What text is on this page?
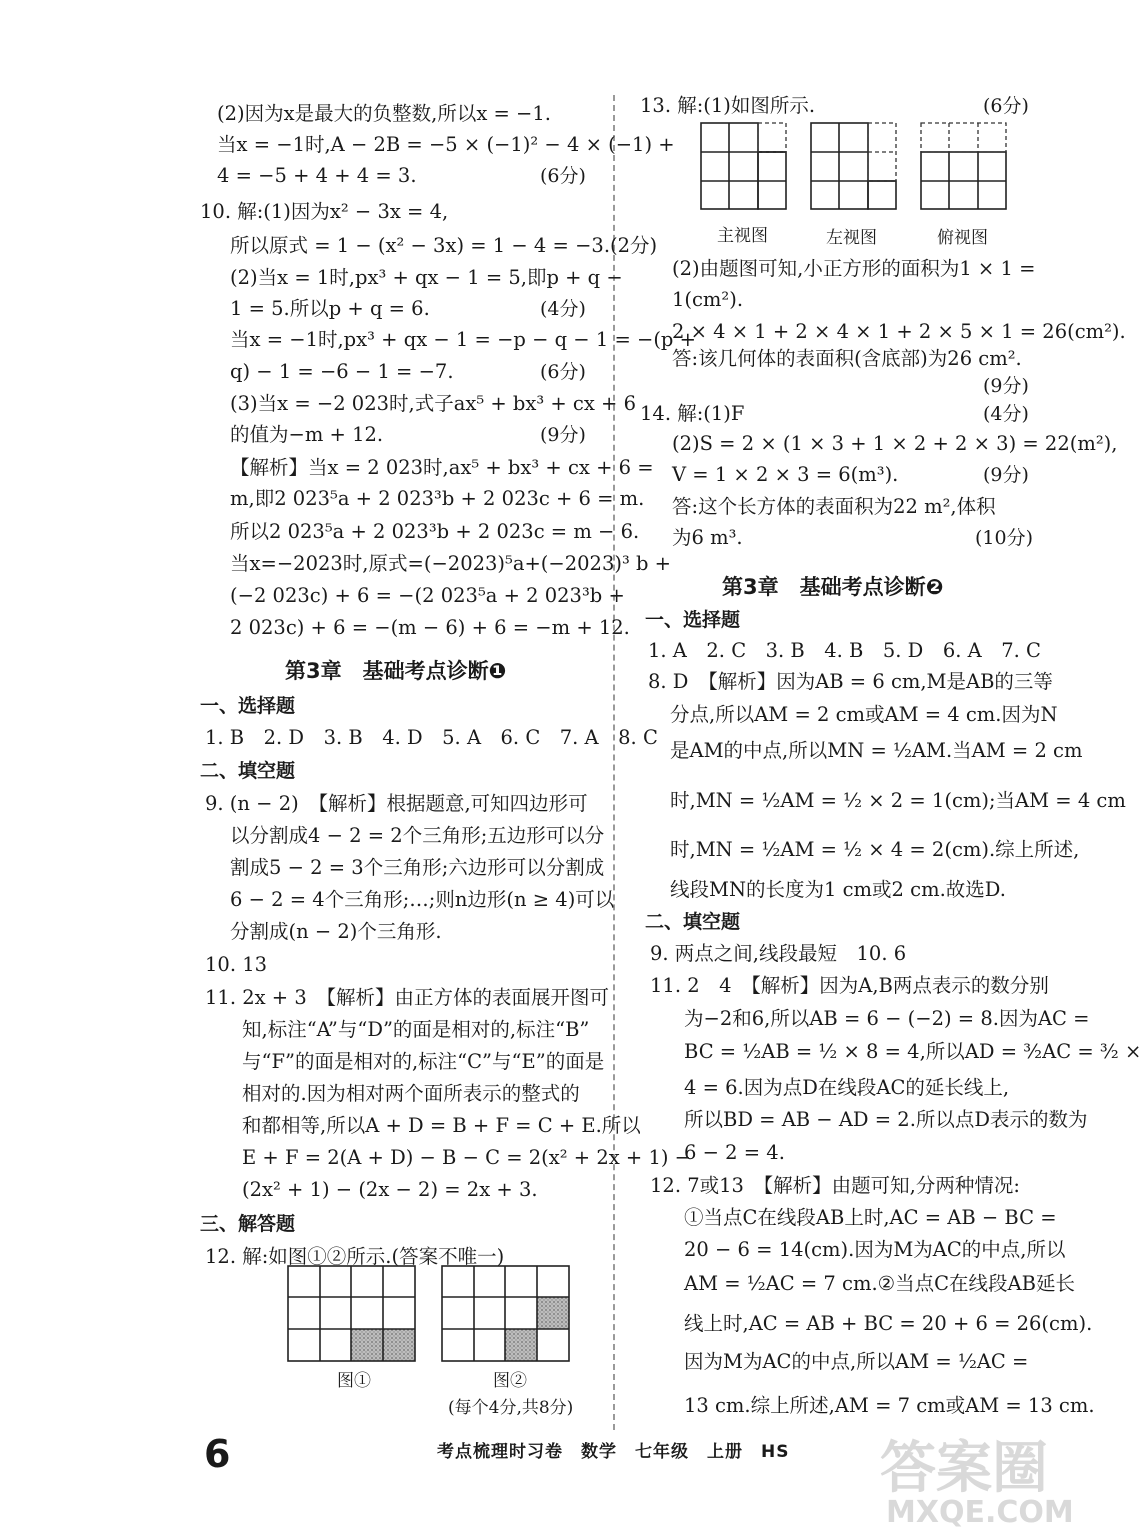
(2)因为x是最大的负整数,所以x = −1.
当x = −1时,A − 2B = −5 × (−1)² − 4 × (−1) +
4 = −5 + 4 + 4 = 3.	(6分)
10. 解:(1)因为x² − 3x = 4,
所以原式 = 1 − (x² − 3x) = 1 − 4 = −3.(2分)
(2)当x = 1时,px³ + qx − 1 = 5,即p + q −
1 = 5.所以p + q = 6.	(4分)
当x = −1时,px³ + qx − 1 = −p − q − 1 = −(p +
q) − 1 = −6 − 1 = −7.	(6分)
(3)当x = −2 023时,式子ax⁵ + bx³ + cx + 6
的值为−m + 12.	(9分)
【解析】当x = 2 023时,ax⁵ + bx³ + cx + 6 =
m,即2 023⁵a + 2 023³b + 2 023c + 6 = m.
所以2 023⁵a + 2 023³b + 2 023c = m − 6.
当x=−2023时,原式=(−2023)⁵a+(−2023)³ b +
(−2 023c) + 6 = −(2 023⁵a + 2 023³b +
2 023c) + 6 = −(m − 6) + 6 = −m + 12.
第3章　基础考点诊断❶
一、选择题
1. B　2. D　3. B　4. D　5. A　6. C　7. A　8. C
二、填空题
9. (n − 2)　【解析】根据题意,可知四边形可
以分割成4 − 2 = 2个三角形;五边形可以分
割成5 − 2 = 3个三角形;六边形可以分割成
6 − 2 = 4个三角形;…;则n边形(n ≥ 4)可以
分割成(n − 2)个三角形.
10. 13
11. 2x + 3　【解析】由正方体的表面展开图可
知,标注“A”与“D”的面是相对的,标注“B”
与“F”的面是相对的,标注“C”与“E”的面是
相对的.因为相对两个面所表示的整式的
和都相等,所以A + D = B + F = C + E.所以
E + F = 2(A + D) − B − C = 2(x² + 2x + 1) −
(2x² + 1) − (2x − 2) = 2x + 3.
三、解答题
12. 解:如图①②所示.(答案不唯一)
图①	图②
(每个4分,共8分)
13. 解:(1)如图所示.	(6分)
主视图	左视图	俯视图
(2)由题图可知,小正方形的面积为1 × 1 =
1(cm²).
2 × 4 × 1 + 2 × 4 × 1 + 2 × 5 × 1 = 26(cm²).
答:该几何体的表面积(含底部)为26 cm².
(9分)
14. 解:(1)F	(4分)
(2)S = 2 × (1 × 3 + 1 × 2 + 2 × 3) = 22(m²),
V = 1 × 2 × 3 = 6(m³).	(9分)
答:这个长方体的表面积为22 m²,体积
为6 m³.	(10分)
第3章　基础考点诊断❷
一、选择题
1. A　2. C　3. B　4. B　5. D　6. A　7. C
8. D　【解析】因为AB = 6 cm,M是AB的三等
分点,所以AM = 2 cm或AM = 4 cm.因为N
是AM的中点,所以MN = ½AM.当AM = 2 cm
时,MN = ½AM = ½ × 2 = 1(cm);当AM = 4 cm
时,MN = ½AM = ½ × 4 = 2(cm).综上所述,
线段MN的长度为1 cm或2 cm.故选D.
二、填空题
9. 两点之间,线段最短　10. 6
11. 2　4　【解析】因为A,B两点表示的数分别
为−2和6,所以AB = 6 − (−2) = 8.因为AC =
BC = ½AB = ½ × 8 = 4,所以AD = ³⁄₂AC = ³⁄₂ ×
4 = 6.因为点D在线段AC的延长线上,
所以BD = AB − AD = 2.所以点D表示的数为
6 − 2 = 4.
12. 7或13　【解析】由题可知,分两种情况:
①当点C在线段AB上时,AC = AB − BC =
20 − 6 = 14(cm).因为M为AC的中点,所以
AM = ½AC = 7 cm.②当点C在线段AB延长
线上时,AC = AB + BC = 20 + 6 = 26(cm).
因为M为AC的中点,所以AM = ½AC =
13 cm.综上所述,AM = 7 cm或AM = 13 cm.
6	考点梳理时习卷　数学　七年级　上册　HS 答案圈
MXQE.COM
